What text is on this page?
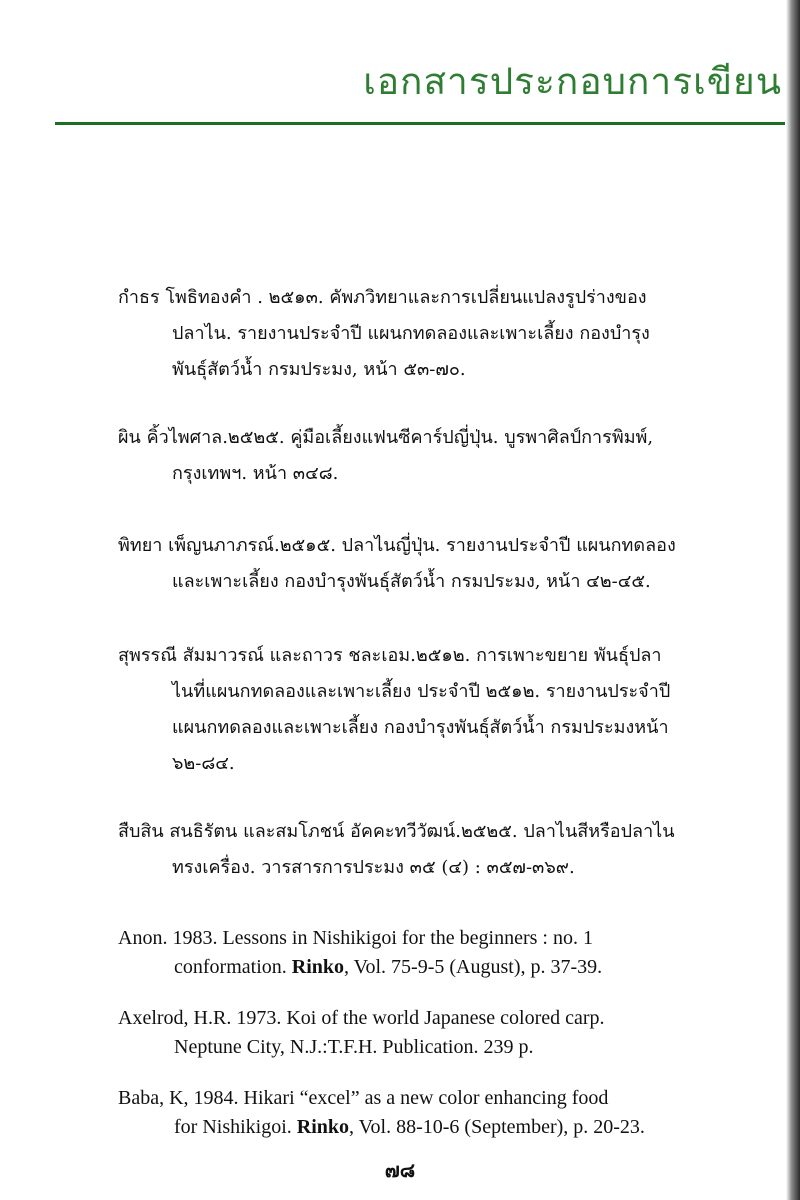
เอกสารประกอบการเขียน
กำธร โพธิทองคำ . ๒๕๑๓. คัพภวิทยาและการเปลี่ยนแปลงรูปร่างของ
ปลาไน. รายงานประจำปี แผนกทดลองและเพาะเลี้ยง กองบำรุง
พันธุ์สัตว์น้ำ กรมประมง, หน้า ๕๓-๗๐.
ผิน คิ้วไพศาล.๒๕๒๕. คู่มือเลี้ยงแฟนซีคาร์ปญี่ปุ่น. บูรพาศิลป์การพิมพ์,
กรุงเทพฯ. หน้า ๓๔๘.
พิทยา เพ็ญนภาภรณ์.๒๕๑๕. ปลาไนญี่ปุ่น. รายงานประจำปี แผนกทดลอง
และเพาะเลี้ยง กองบำรุงพันธุ์สัตว์น้ำ กรมประมง, หน้า ๔๒-๔๕.
สุพรรณี สัมมาวรณ์ และถาวร ชละเอม.๒๕๑๒. การเพาะขยาย พันธุ์ปลา
ไนที่แผนกทดลองและเพาะเลี้ยง ประจำปี ๒๕๑๒. รายงานประจำปี
แผนกทดลองและเพาะเลี้ยง กองบำรุงพันธุ์สัตว์น้ำ กรมประมงหน้า
๖๒-๘๔.
สืบสิน สนธิรัตน และสมโภชน์ อัคคะทวีวัฒน์.๒๕๒๕. ปลาไนสีหรือปลาไน
ทรงเครื่อง. วารสารการประมง ๓๕ (๔) : ๓๕๗-๓๖๙.
Anon. 1983. Lessons in Nishikigoi for the beginners : no. 1
conformation. Rinko, Vol. 75-9-5 (August), p. 37-39.
Axelrod, H.R. 1973. Koi of the world Japanese colored carp.
Neptune City, N.J.:T.F.H. Publication. 239 p.
Baba, K, 1984. Hikari “excel” as a new color enhancing food
for Nishikigoi. Rinko, Vol. 88-10-6 (September), p. 20-23.
๗๘
